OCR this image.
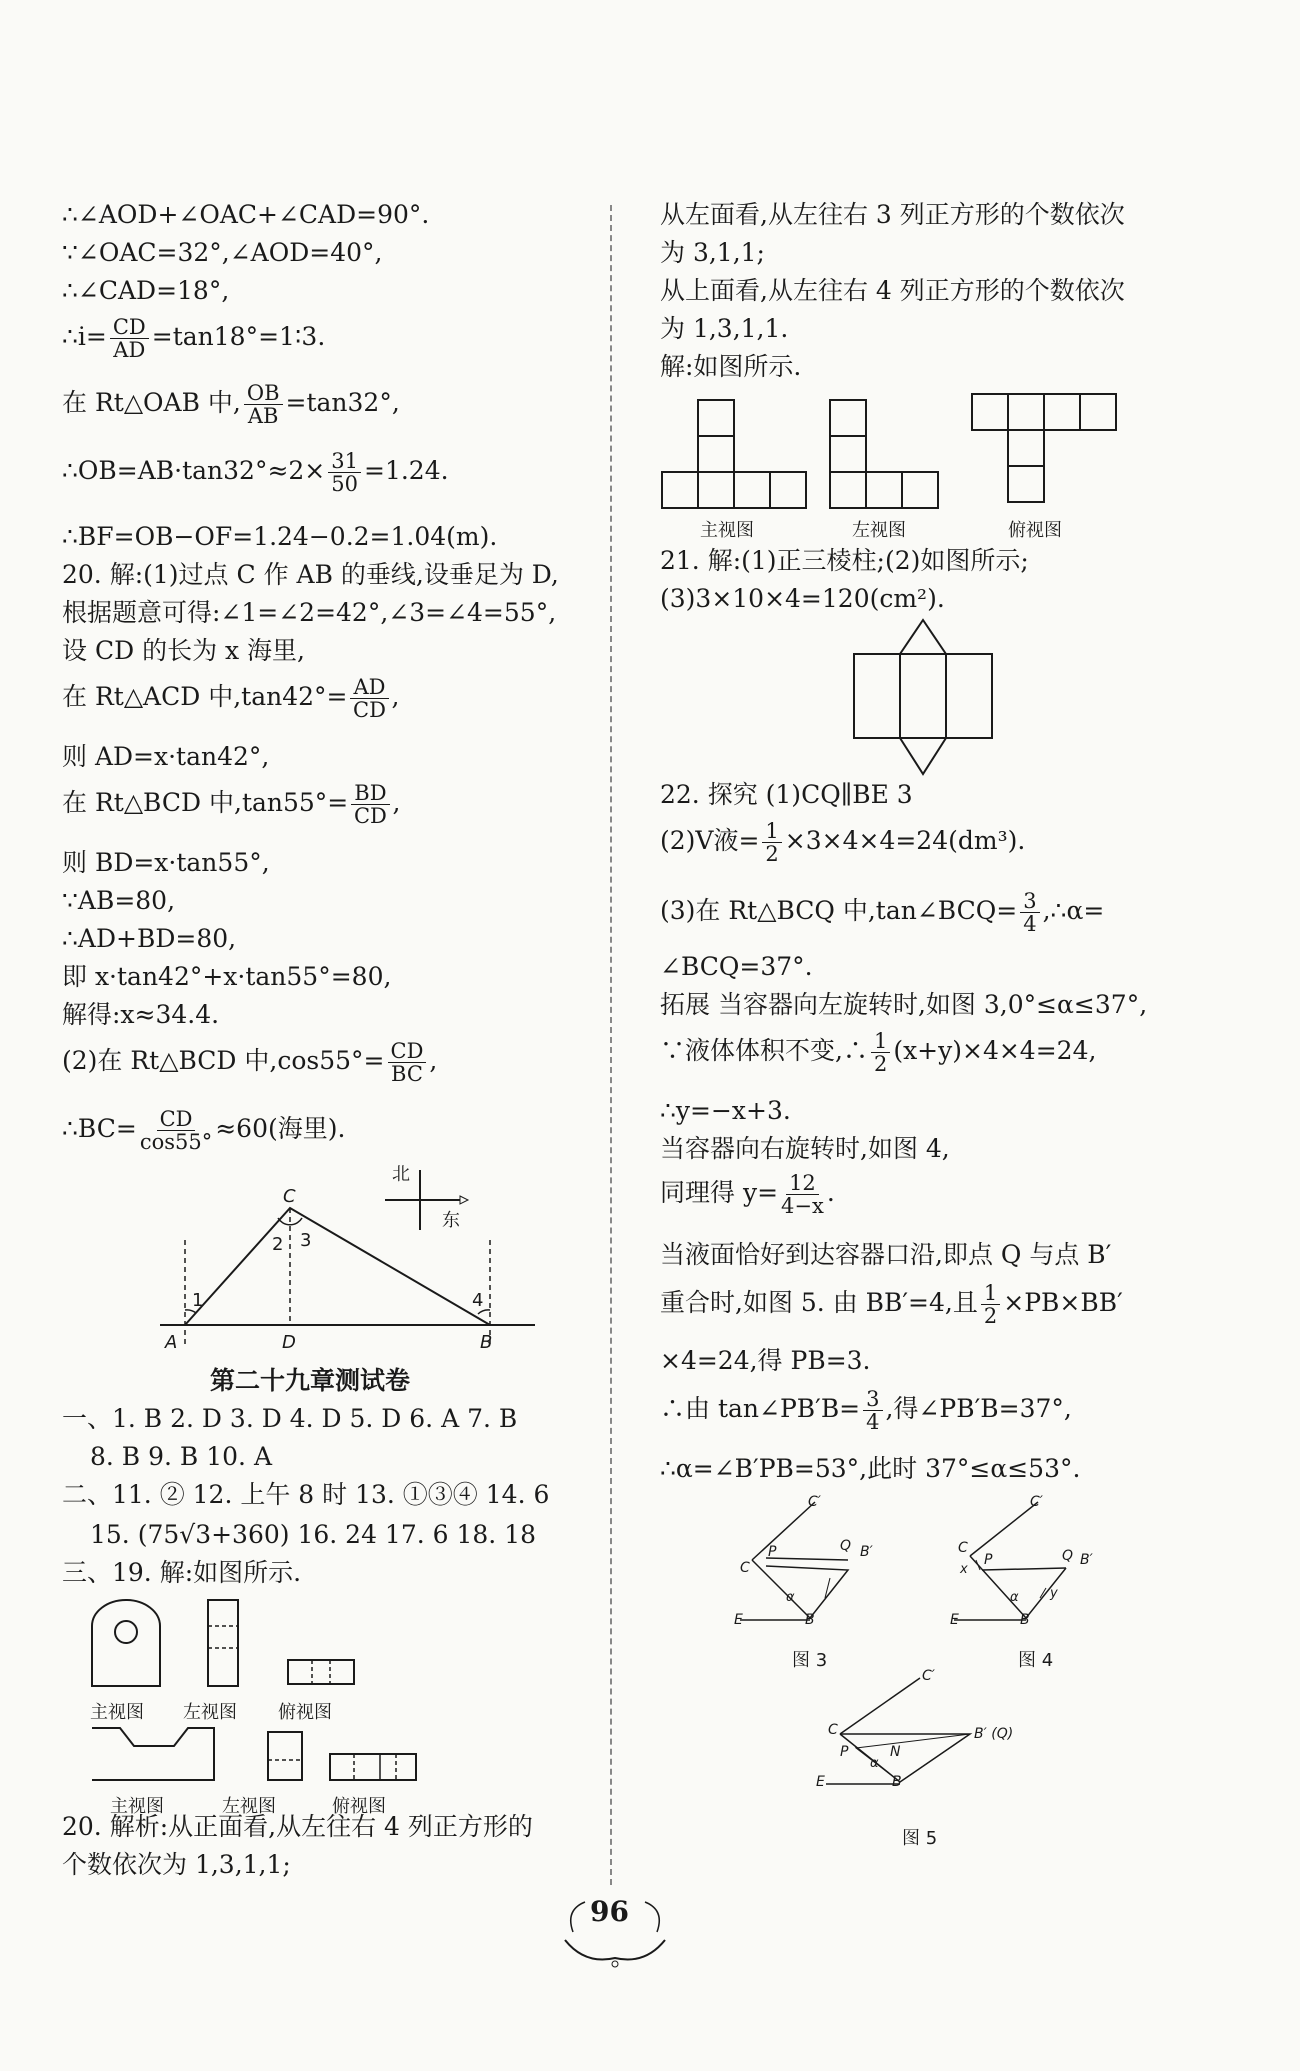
∴∠AOD+∠OAC+∠CAD=90°.
∵∠OAC=32°,∠AOD=40°,
∴∠CAD=18°,
∴i= $\frac{CD}{AD}$ =tan18°=1∶3.
在 Rt△OAB 中, $\frac{OB}{AB} =\tan 32^\circ$,
∴OB=AB·tan32°≈2× $\frac{31}{50} =1.24$.
∴BF=OB−OF=1.24−0.2=1.04(m).
20. 解:(1)过点 C 作 AB 的垂线,设垂足为 D,
根据题意可得:∠1=∠2=42°,∠3=∠4=55°,
设 CD 的长为 x 海里,
在 Rt△ACD 中$,\tan 42^\circ= \frac{AD}{CD}$ ,
则 AD=x·tan42°,
在 Rt△BCD 中$,\tan 55^\circ= \frac{BD}{CD}$ ,
则 BD=x·tan55°,
∵AB=80,
∴AD+BD=80,
即 x·tan42°+x·tan55°=80,
解得:x≈34.4.
(2)在 Rt△BCD 中$,\cos 55^\circ= \frac{CD}{BC}$ ,
∴BC= $\frac{CD}{\cos 55^\circ} \approx 60$(海里).
北
东
C
A	D	B
1
2 3
4
第二十九章测试卷
一、1. B 2. D 3. D 4. D 5. D 6. A 7. B
8. B 9. B 10. A
二、11. ② 12. 上午 8 时 13. ①③④ 14. 6
15. (75√3+360) 16. 24 17. 6 18. 18
三、19. 解:如图所示.
主视图 左视图 俯视图
主视图	左视图	俯视图
20. 解析:从正面看,从左往右 4 列正方形的
个数依次为 1,3,1,1;
从左面看,从左往右 3 列正方形的个数依次
为 3,1,1;
从上面看,从左往右 4 列正方形的个数依次
为 1,3,1,1.
解:如图所示.
主视图	左视图	俯视图
21. 解:(1)正三棱柱;(2)如图所示;
(3)3×10×4=120(cm²).
22. 探究 (1)CQ∥BE 3
(2)V液= $\frac{1}{2} \times 3\times 4\times 4=24(dm^3)$.
(3)在 Rt△BCQ 中,tan∠BCQ= $\frac{3}{4}$ ,∴α=
∠BCQ=37°.
拓展 当容器向左旋转时,如图 3,0°≤α≤37°,
∵液体体积不变,∴ $\frac{1}{2} (x+y)\times 4\times 4=24$,
∴y=−x+3.
当容器向右旋转时,如图 4,
同理得 $y= \frac{12}{4-x}$ .
当液面恰好到达容器口沿,即点 Q 与点 B′
重合时,如图 5. 由 BB′=4,且 $\frac{1}{2} \times PB\times BB'$
×4=24,得 PB=3.
∴由 tan∠PB′B= $\frac{3}{4}$ ,得∠PB′B=37°,
∴α=∠B′PB=53°,此时 37°≤α≤53°.
C′
P	Q B′
C
E	B
α
图 3
C′
C
P	Q B′
x
y
E	B
α
图 4
C′
C
P	N
B′ (Q)
E	B
α
图 5
96
